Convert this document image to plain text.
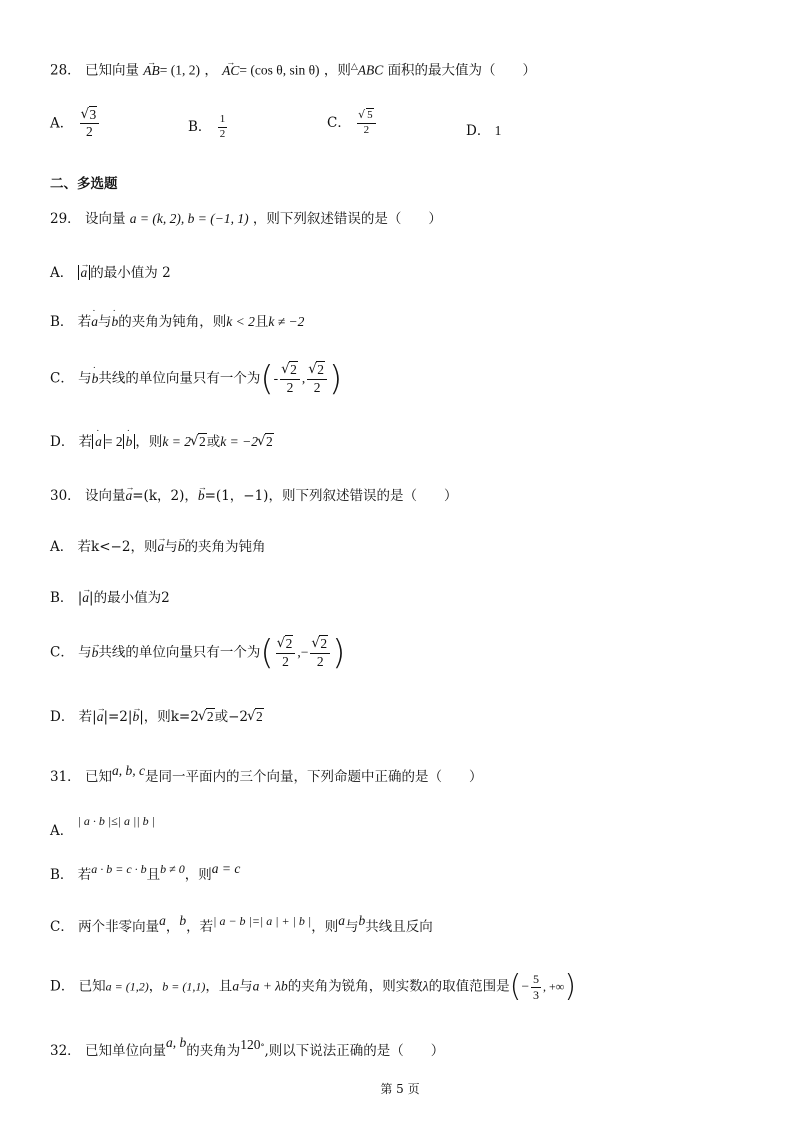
28． 已知向量 AB →= (1, 2) ， AC →= (cos θ, sin θ) ，则△ABC 面积的最大值为（　　）
A． √ $\frac{3}{2}$	B． $\frac{1}{2}$	C． √ $\frac{5}{2}$	D． 1
二、多选题
29． 设向量 a = (k, 2), b = (−1, 1) ，则下列叙述错误的是（　　）
A． a → 的最小值为 2
B． 若a ˙与b ˙的夹角为钝角，则k < 2且k ≠ −2
C． 与b ˙共线的单位向量只有一个为(- √ $\frac{2}{2}$ , √ $\frac{2}{2}$ )
D． 若 a ˙ = 2 b ˙ ，则k = 2 √ 2或k = −2 √ 2
30． 设向量a →=(k，2)，b →=(1，−1)，则下列叙述错误的是（　　）
A． 若k<−2，则a →与b →的夹角为钝角
B． |a →|的最小值为2
C． 与b →共线的单位向量只有一个为( √ $\frac{2}{2}$ ,− √ $\frac{2}{2}$ )
D． 若|a →|=2|b →|，则k=2 √ 2或−2 √ 2
31． 已知a, b, c是同一平面内的三个向量，下列命题中正确的是（　　）
A． | a · b |≤| a || b |
B． 若a · b = c · b且b ≠ 0，则a = c
C． 两个非零向量a，b，若| a − b |=| a | + | b |，则a与b共线且反向
D． 已知a = (1,2)，b = (1,1)，且a与a + λb的夹角为锐角，则实数λ的取值范围是(− $\frac{5}{3}$ , +∞)
32． 已知单位向量a, b的夹角为120°,则以下说法正确的是（　　）
第 5 页
